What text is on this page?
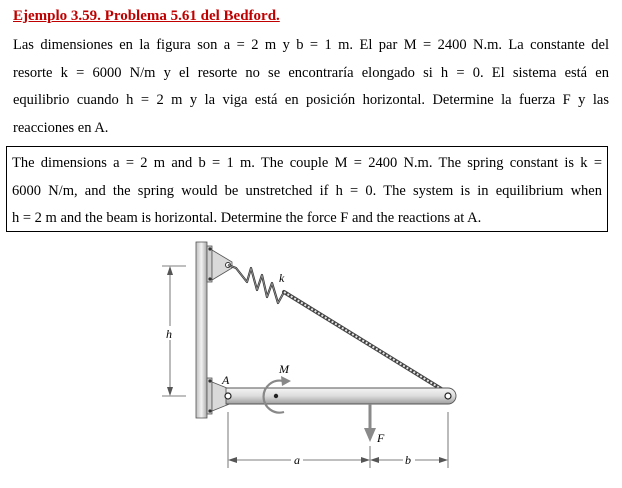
Ejemplo 3.59. Problema 5.61 del Bedford.
Las dimensiones en la figura son a = 2 m y b = 1 m. El par M = 2400 N.m. La constante del
resorte k = 6000 N/m y el resorte no se encontraría elongado si h = 0. El sistema está en
equilibrio cuando h = 2 m y la viga está en posición horizontal. Determine la fuerza F y las
reacciones en A.
The dimensions a = 2 m and b = 1 m. The couple M = 2400 N.m. The spring constant is k =
6000 N/m, and the spring would be unstretched if h = 0. The system is in equilibrium when
h = 2 m and the beam is horizontal. Determine the force F and the reactions at A.
k
h
M
A
F
a	b
